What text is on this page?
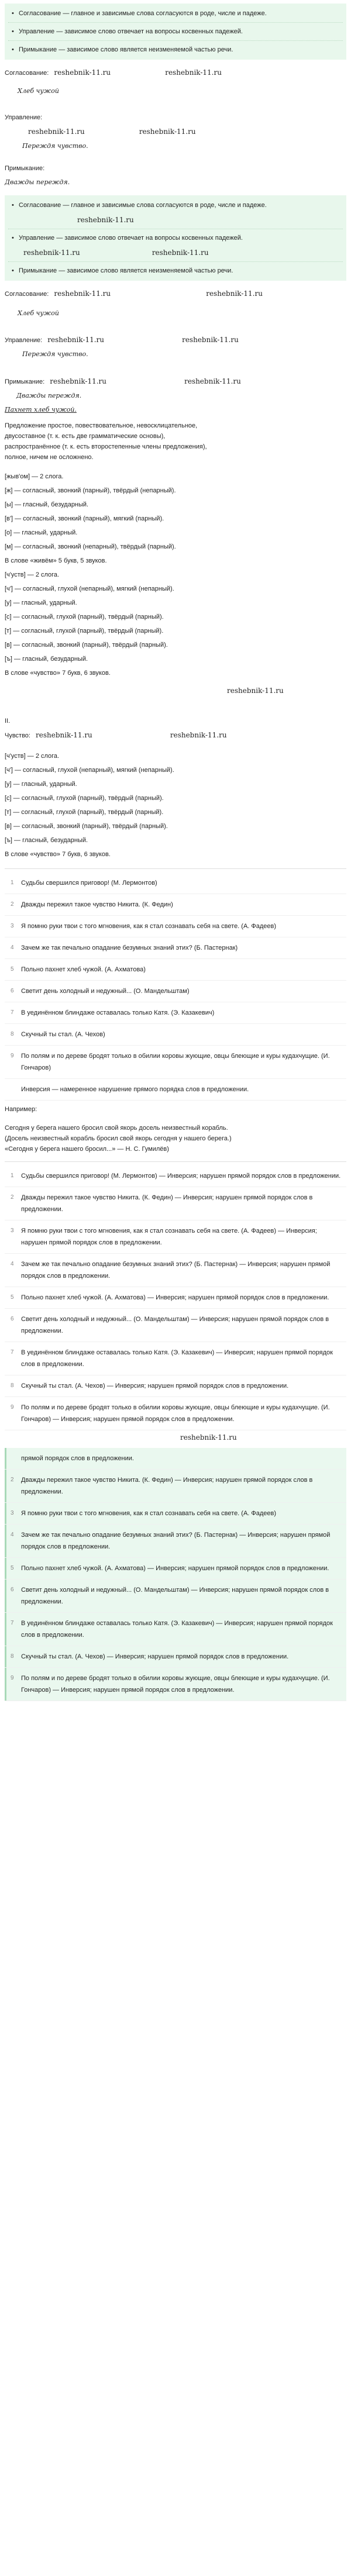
• Согласование — главное и зависимые слова согласуются в роде, числе и падеже.
• Управление — зависимое слово отвечает на вопросы косвенных падежей.
• Примыкание — зависимое слово является неизменяемой частью речи.
Согласование: reshebnik-11.ru	reshebnik-11.ru
Хлеб чужой
Управление:
reshebnik-11.ru	reshebnik-11.ru
Переждя чувство.
Примыкание:
Дважды переждя.
• Согласование — главное и зависимые слова согласуются в роде, числе и падеже.
reshebnik-11.ru
• Управление — зависимое слово отвечает на вопросы косвенных падежей.
reshebnik-11.ru	reshebnik-11.ru
• Примыкание — зависимое слово является неизменяемой частью речи.
Согласование: reshebnik-11.ru	reshebnik-11.ru
Хлеб чужой
Управление: reshebnik-11.ru	reshebnik-11.ru
Переждя чувство.
Примыкание: reshebnik-11.ru	reshebnik-11.ru
Дважды переждя.
Пахнет хлеб чужой.
Предложение простое, повествовательное, невосклицательное,
двусоставное (т. к. есть две грамматические основы),
распространённое (т. к. есть второстепенные члены предложения),
полное, ничем не осложнено.
[жыв'ом] — 2 слога.
[ж] — согласный, звонкий (парный), твёрдый (непарный).
[ы] — гласный, безударный.
[в'] — согласный, звонкий (парный), мягкий (парный).
[о] — гласный, ударный.
[м] — согласный, звонкий (непарный), твёрдый (парный).
В слове «живём» 5 букв, 5 звуков.
[ч'уств] — 2 слога.
[ч'] — согласный, глухой (непарный), мягкий (непарный).
[у] — гласный, ударный.
[с] — согласный, глухой (парный), твёрдый (парный).
[т] — согласный, глухой (парный), твёрдый (парный).
[в] — согласный, звонкий (парный), твёрдый (парный).
[ъ] — гласный, безударный.
В слове «чувство» 7 букв, 6 звуков.
reshebnik-11.ru
II.
Чувство: reshebnik-11.ru	reshebnik-11.ru
[ч'уств] — 2 слога.
[ч'] — согласный, глухой (непарный), мягкий (непарный).
[у] — гласный, ударный.
[с] — согласный, глухой (парный), твёрдый (парный).
[т] — согласный, глухой (парный), твёрдый (парный).
[в] — согласный, звонкий (парный), твёрдый (парный).
[ъ] — гласный, безударный.
В слове «чувство» 7 букв, 6 звуков.
1	Судьбы свершился приговор! (М. Лермонтов)
2	Дважды пережил такое чувство Никита. (К. Федин)
3	Я помню руки твои с того мгновения, как я стал сознавать себя на свете. (А. Фадеев)
4	Зачем же так печально опадание безумных знаний этих? (Б. Пастернак)
5	Польно пахнет хлеб чужой. (А. Ахматова)
6	Светит день холодный и недужный... (О. Мандельштам)
7	В уединённом блиндаже оставалась только Катя. (Э. Казакевич)
8	Скучный ты стал. (А. Чехов)
9	По полям и по дереве бродят только в обилии коровы жующие, овцы блеющие и куры кудахчущие. (И. Гончаров)
Инверсия — намеренное нарушение прямого порядка слов в предложении.
Например:
Сегодня у берега нашего бросил свой якорь досель неизвестный корабль.
(Досель неизвестный корабль бросил свой якорь сегодня у нашего берега.)
«Сегодня у берега нашего бросил...» — Н. С. Гумилёв)
1	Судьбы свершился приговор! (М. Лермонтов) — Инверсия; нарушен прямой порядок слов в предложении.
2	Дважды пережил такое чувство Никита. (К. Федин) — Инверсия; нарушен прямой порядок слов в предложении.
3	Я помню руки твои с того мгновения, как я стал сознавать себя на свете. (А. Фадеев) — Инверсия; нарушен прямой порядок слов в предложении.
4	Зачем же так печально опадание безумных знаний этих? (Б. Пастернак) — Инверсия; нарушен прямой порядок слов в предложении.
5	Польно пахнет хлеб чужой. (А. Ахматова) — Инверсия; нарушен прямой порядок слов в предложении.
6	Светит день холодный и недужный... (О. Мандельштам) — Инверсия; нарушен прямой порядок слов в предложении.
7	В уединённом блиндаже оставалась только Катя. (Э. Казакевич) — Инверсия; нарушен прямой порядок слов в предложении.
8	Скучный ты стал. (А. Чехов) — Инверсия; нарушен прямой порядок слов в предложении.
9	По полям и по дереве бродят только в обилии коровы жующие, овцы блеющие и куры кудахчущие. (И. Гончаров) — Инверсия; нарушен прямой порядок слов в предложении.
reshebnik-11.ru
прямой порядок слов в предложении.
2	Дважды пережил такое чувство Никита. (К. Федин) — Инверсия; нарушен прямой порядок слов в предложении.
3	Я помню руки твои с того мгновения, как я стал сознавать себя на свете. (А. Фадеев)
4	Зачем же так печально опадание безумных знаний этих? (Б. Пастернак) — Инверсия; нарушен прямой порядок слов в предложении.
5	Польно пахнет хлеб чужой. (А. Ахматова) — Инверсия; нарушен прямой порядок слов в предложении.
6	Светит день холодный и недужный... (О. Мандельштам) — Инверсия; нарушен прямой порядок слов в предложении.
7	В уединённом блиндаже оставалась только Катя. (Э. Казакевич) — Инверсия; нарушен прямой порядок слов в предложении.
8	Скучный ты стал. (А. Чехов) — Инверсия; нарушен прямой порядок слов в предложении.
9	По полям и по дереве бродят только в обилии коровы жующие, овцы блеющие и куры кудахчущие. (И. Гончаров) — Инверсия; нарушен прямой порядок слов в предложении.
